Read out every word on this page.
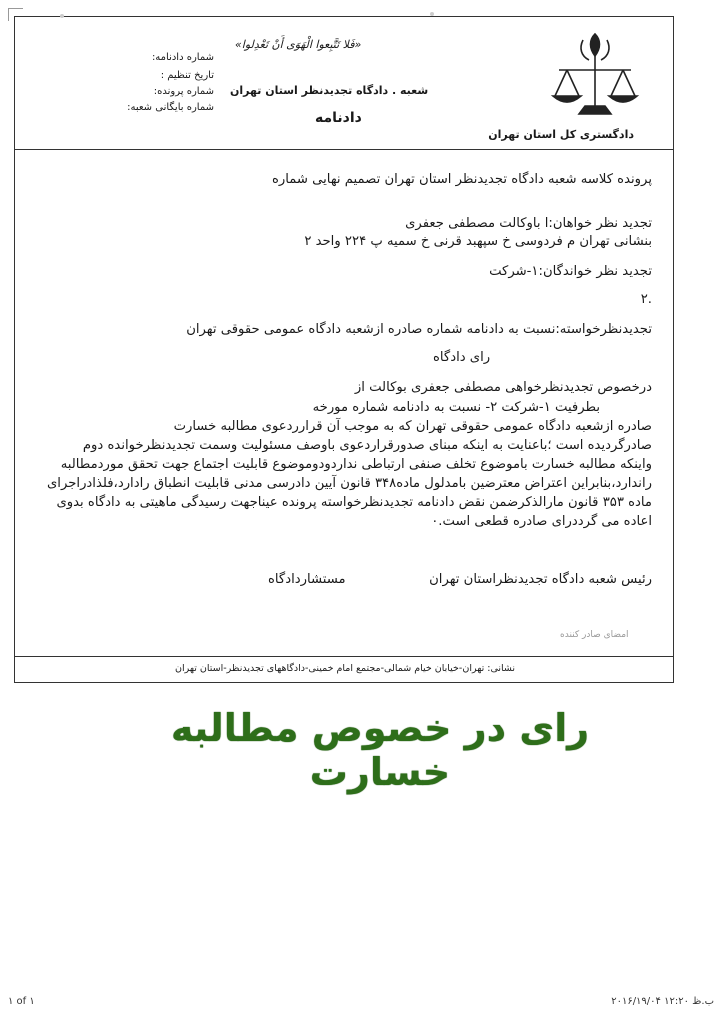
دادگستری کل استان تهران
«فَلا تَتَّبِعوا الْهَوَى أَنْ تَعْدِلوا»
شعبه . دادگاه تجدیدنظر استان تهران
دادنامه
شماره دادنامه:
تاریخ تنظیم :
شماره پرونده:
شماره بایگانی شعبه:
پرونده کلاسه شعبه دادگاه تجدیدنظر استان تهران تصمیم نهایی شماره
تجدید نظر خواهان:ا باوکالت مصطفی جعفری
بنشانی تهران م فردوسی خ سپهبد قرنی خ سمیه پ ۲۲۴ واحد ۲
تجدید نظر خواندگان:۱-شرکت
.۲
تجدیدنظرخواسته:نسبت به دادنامه شماره صادره ازشعبه دادگاه عمومی حقوقی تهران
رای دادگاه
درخصوص تجدیدنظرخواهی مصطفی جعفری بوکالت از
بطرفیت ۱-شرکت ۲- نسبت به دادنامه شماره مورخه
صادره ازشعبه دادگاه عمومی حقوقی تهران که به موجب آن قرارردعوی مطالبه خسارت
صادرگردیده است ؛باعنایت به اینکه مبنای صدورقراردعوی باوصف مسئولیت وسمت تجدیدنظرخوانده دوم
واینکه مطالبه خسارت باموضوع تخلف صنفی ارتباطی نداردودوموضوع قابلیت اجتماع جهت تحقق موردمطالبه
راندارد،بنابراین اعتراض معترضین بامدلول ماده۳۴۸ قانون آیین دادرسی مدنی قابلیت انطباق رادارد،فلذادراجرای
ماده ۳۵۳ قانون مارالذکرضمن نقض دادنامه تجدیدنظرخواسته پرونده عیناجهت رسیدگی ماهیتی به دادگاه بدوی
اعاده می گرددرای صادره قطعی است.۰
رئیس شعبه دادگاه تجدیدنظراستان تهران
مستشاردادگاه
امضای صادر کننده
نشانی: تهران-خیابان خیام شمالی-مجتمع امام خمینی-دادگاههای تجدیدنظر-استان تهران
رای در خصوص مطالبه خسارت
۱ of ۱	ب.ظ ۱۲:۲۰ ۲۰۱۶/۱۹/۰۴
